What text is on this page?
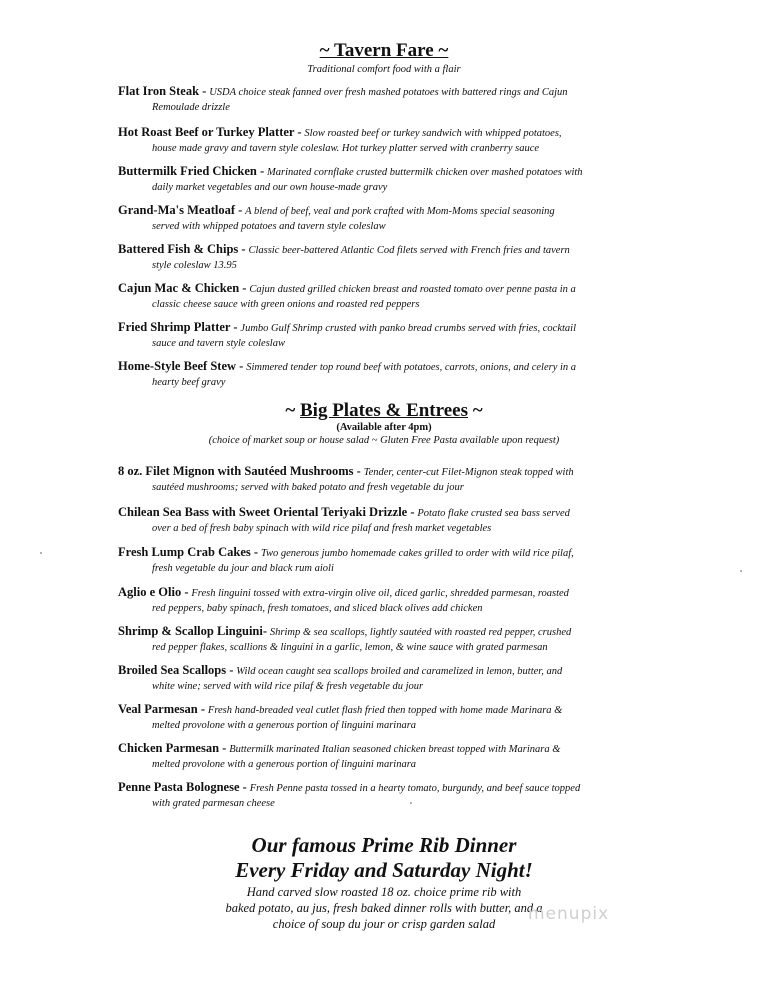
~ Tavern Fare ~

Traditional comfort food with a flair

Flat Iron Steak - USDA choice steak fanned over fresh mashed potatoes with battered rings and Cajun
Remoulade drizzle
Hot Roast Beef or Turkey Platter - Slow roasted beef or turkey sandwich with whipped potatoes,
house made gravy and tavern style coleslaw. Hot turkey platter served with cranberry sauce
Buttermilk Fried Chicken - Marinated cornflake crusted buttermilk chicken over mashed potatoes with
daily market vegetables and our own house-made gravy
Grand-Ma's Meatloaf - A blend of beef, veal and pork crafted with Mom-Moms special seasoning
served with whipped potatoes and tavern style coleslaw
Battered Fish & Chips - Classic beer-battered Atlantic Cod filets served with French fries and tavern
style coleslaw 13.95
Cajun Mac & Chicken - Cajun dusted grilled chicken breast and roasted tomato over penne pasta in a
classic cheese sauce with green onions and roasted red peppers
Fried Shrimp Platter - Jumbo Gulf Shrimp crusted with panko bread crumbs served with fries, cocktail
sauce and tavern style coleslaw
Home-Style Beef Stew - Simmered tender top round beef with potatoes, carrots, onions, and celery in a
hearty beef gravy
~ Big Plates & Entrees ~

(Available after 4pm)

(choice of market soup or house salad ~ Gluten Free Pasta available upon request)

8 oz. Filet Mignon with Sautéed Mushrooms - Tender, center-cut Filet-Mignon steak topped with
sautéed mushrooms; served with baked potato and fresh vegetable du jour
Chilean Sea Bass with Sweet Oriental Teriyaki Drizzle - Potato flake crusted sea bass served
over a bed of fresh baby spinach with wild rice pilaf and fresh market vegetables
Fresh Lump Crab Cakes - Two generous jumbo homemade cakes grilled to order with wild rice pilaf,
fresh vegetable du jour and black rum aioli
Aglio e Olio - Fresh linguini tossed with extra-virgin olive oil, diced garlic, shredded parmesan, roasted
red peppers, baby spinach, fresh tomatoes, and sliced black olives add chicken
Shrimp & Scallop Linguini- Shrimp & sea scallops, lightly sautéed with roasted red pepper, crushed
red pepper flakes, scallions & linguini in a garlic, lemon, & wine sauce with grated parmesan
Broiled Sea Scallops - Wild ocean caught sea scallops broiled and caramelized in lemon, butter, and
white wine; served with wild rice pilaf & fresh vegetable du jour
Veal Parmesan - Fresh hand-breaded veal cutlet flash fried then topped with home made Marinara &
melted provolone with a generous portion of linguini marinara
Chicken Parmesan - Buttermilk marinated Italian seasoned chicken breast topped with Marinara &
melted provolone with a generous portion of linguini marinara
Penne Pasta Bolognese - Fresh Penne pasta tossed in a hearty tomato, burgundy, and beef sauce topped
with grated parmesan cheese

Our famous Prime Rib Dinner

Every Friday and Saturday Night!

Hand carved slow roasted 18 oz. choice prime rib with

baked potato, au jus, fresh baked dinner rolls with butter, and a

choice of soup du jour or crisp garden salad	menupix
